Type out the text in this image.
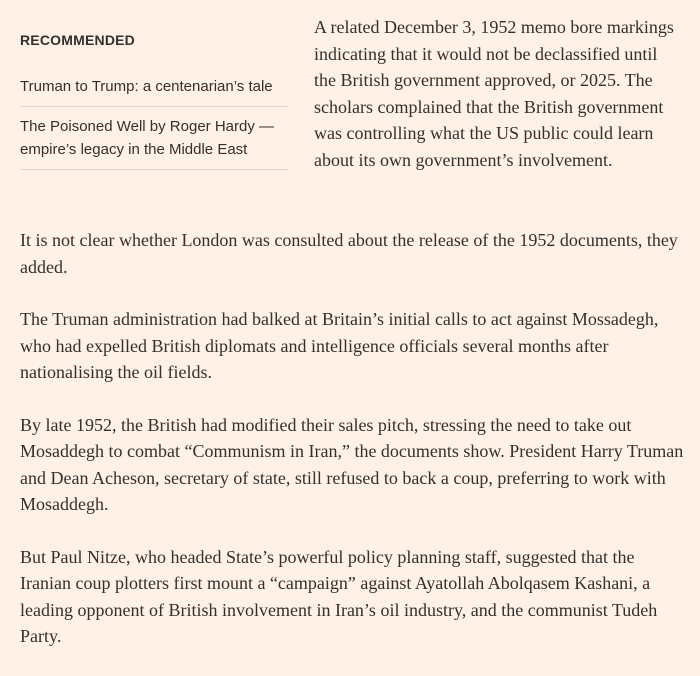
RECOMMENDED
Truman to Trump: a centenarian’s tale
The Poisoned Well by Roger Hardy — empire’s legacy in the Middle East

A related December 3, 1952 memo bore markings indicating that it would not be declassified until the British government approved, or 2025. The scholars complained that the British government was controlling what the US public could learn about its own government’s involvement.

It is not clear whether London was consulted about the release of the 1952 documents, they added.

The Truman administration had balked at Britain’s initial calls to act against Mossadegh, who had expelled British diplomats and intelligence officials several months after nationalising the oil fields.

By late 1952, the British had modified their sales pitch, stressing the need to take out Mosaddegh to combat “Communism in Iran,” the documents show. President Harry Truman and Dean Acheson, secretary of state, still refused to back a coup, preferring to work with Mosaddegh.

But Paul Nitze, who headed State’s powerful policy planning staff, suggested that the Iranian coup plotters first mount a “campaign” against Ayatollah Abolqasem Kashani, a leading opponent of British involvement in Iran’s oil industry, and the communist Tudeh Party.
